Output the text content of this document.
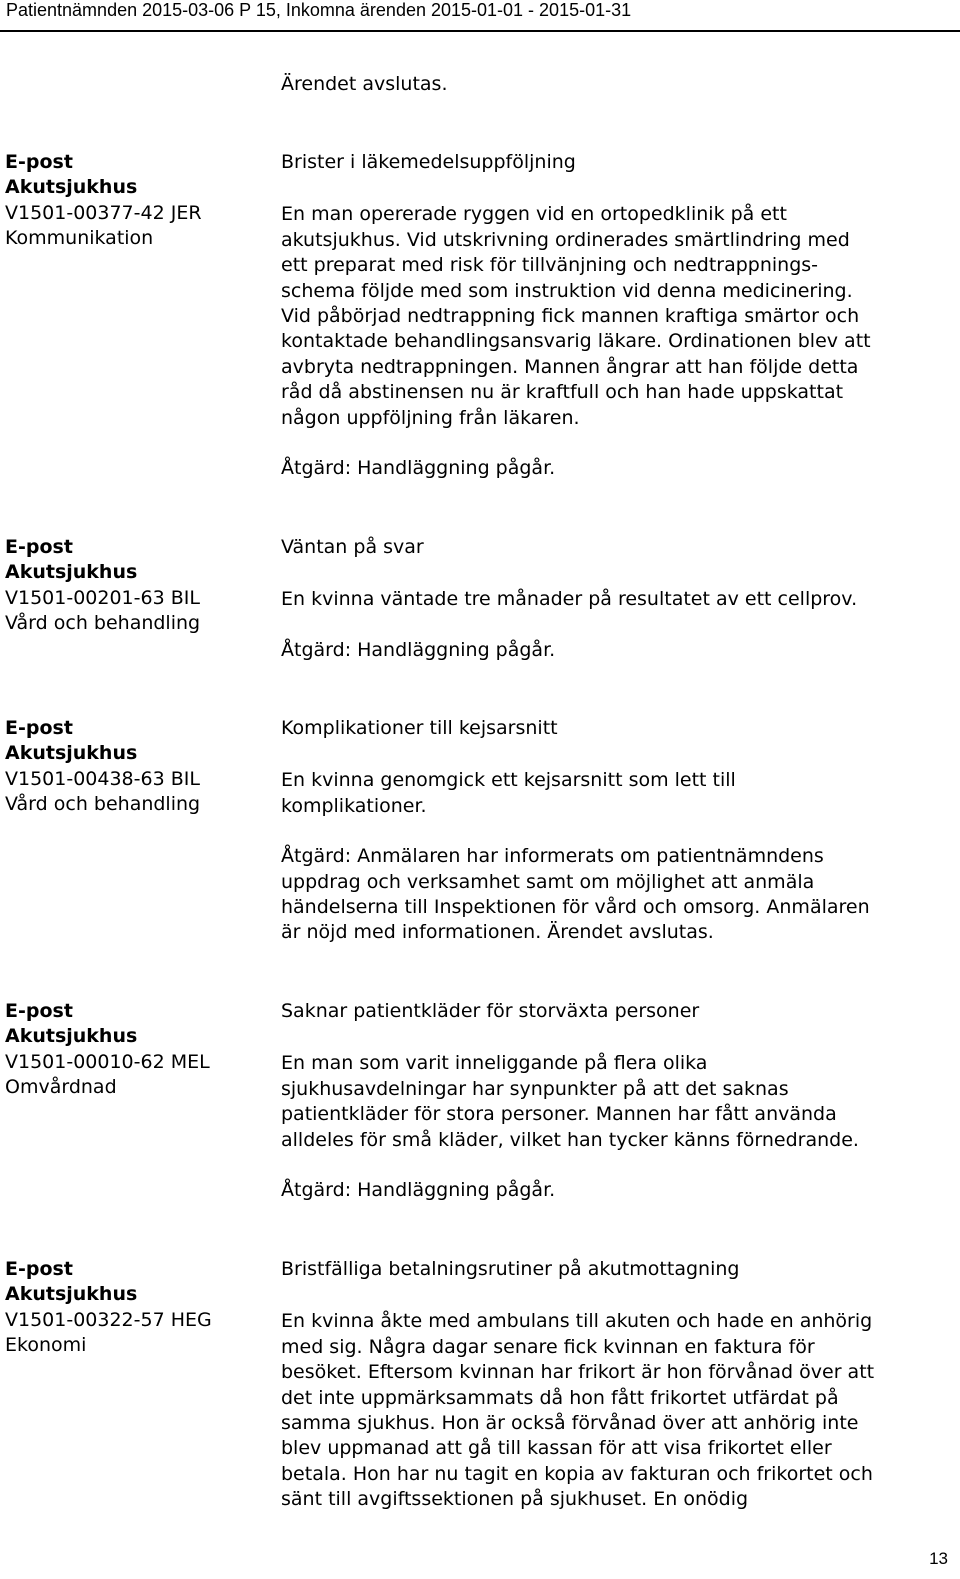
Patientnämnden 2015-03-06 P 15, Inkomna ärenden 2015-01-01 - 2015-01-31
Ärendet avslutas.
E-post
Akutsjukhus
V1501-00377-42 JER
Kommunikation
Brister i läkemedelsuppföljning
En man opererade ryggen vid en ortopedklinik på ett
akutsjukhus. Vid utskrivning ordinerades smärtlindring med
ett preparat med risk för tillvänjning och nedtrappnings-
schema följde med som instruktion vid denna medicinering.
Vid påbörjad nedtrappning fick mannen kraftiga smärtor och
kontaktade behandlingsansvarig läkare. Ordinationen blev att
avbryta nedtrappningen. Mannen ångrar att han följde detta
råd då abstinensen nu är kraftfull och han hade uppskattat
någon uppföljning från läkaren.
Åtgärd: Handläggning pågår.
E-post
Akutsjukhus
V1501-00201-63 BIL
Vård och behandling
Väntan på svar
En kvinna väntade tre månader på resultatet av ett cellprov.
Åtgärd: Handläggning pågår.
E-post
Akutsjukhus
V1501-00438-63 BIL
Vård och behandling
Komplikationer till kejsarsnitt
En kvinna genomgick ett kejsarsnitt som lett till
komplikationer.
Åtgärd: Anmälaren har informerats om patientnämndens
uppdrag och verksamhet samt om möjlighet att anmäla
händelserna till Inspektionen för vård och omsorg. Anmälaren
är nöjd med informationen. Ärendet avslutas.
E-post
Akutsjukhus
V1501-00010-62 MEL
Omvårdnad
Saknar patientkläder för storväxta personer
En man som varit inneliggande på flera olika
sjukhusavdelningar har synpunkter på att det saknas
patientkläder för stora personer. Mannen har fått använda
alldeles för små kläder, vilket han tycker känns förnedrande.
Åtgärd: Handläggning pågår.
E-post
Akutsjukhus
V1501-00322-57 HEG
Ekonomi
Bristfälliga betalningsrutiner på akutmottagning
En kvinna åkte med ambulans till akuten och hade en anhörig
med sig. Några dagar senare fick kvinnan en faktura för
besöket. Eftersom kvinnan har frikort är hon förvånad över att
det inte uppmärksammats då hon fått frikortet utfärdat på
samma sjukhus. Hon är också förvånad över att anhörig inte
blev uppmanad att gå till kassan för att visa frikortet eller
betala. Hon har nu tagit en kopia av fakturan och frikortet och
sänt till avgiftssektionen på sjukhuset. En onödig
13
